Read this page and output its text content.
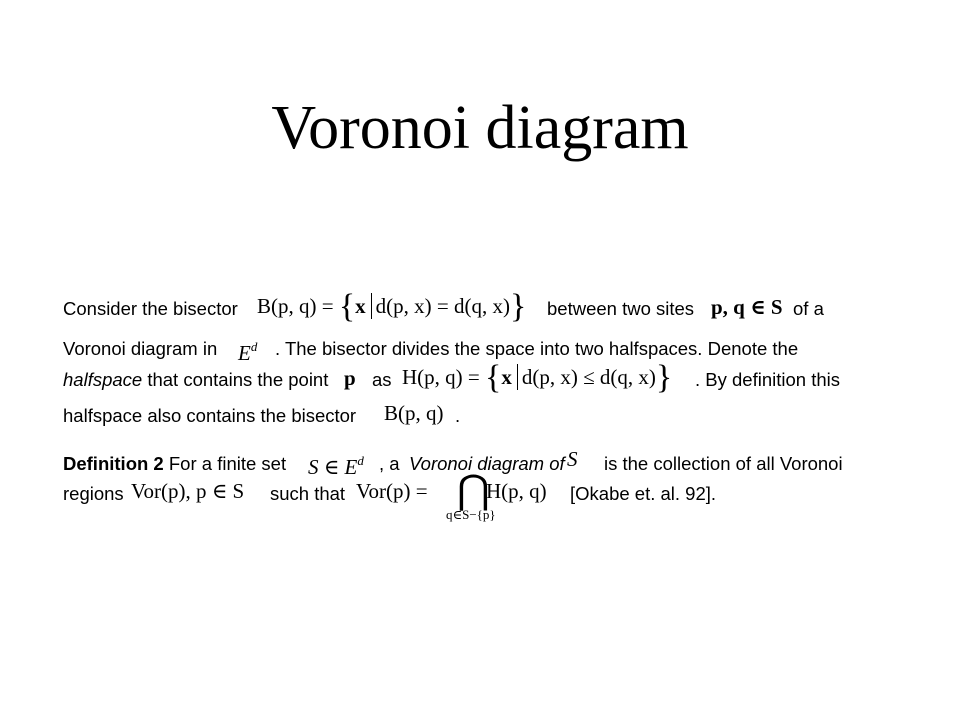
Voronoi diagram
Consider the bisector B(p, q) = {x d(p, x) = d(q, x)} between two sites p, q ∈ S of a
Voronoi diagram in $E^d$ . The bisector divides the space into two halfspaces. Denote the
halfspace that contains the point p as H(p, q) = {x d(p, x) ≤ d(q, x)} . By definition this
halfspace also contains the bisector B(p, q) .
Definition 2 For a finite set S ∈ $E^d$ , a Voronoi diagram of S is the collection of all Voronoi
regions Vor(p), p ∈ S such that Vor(p) = ⋂
H(p, q)
q∈S−{p}
[Okabe et. al. 92].
